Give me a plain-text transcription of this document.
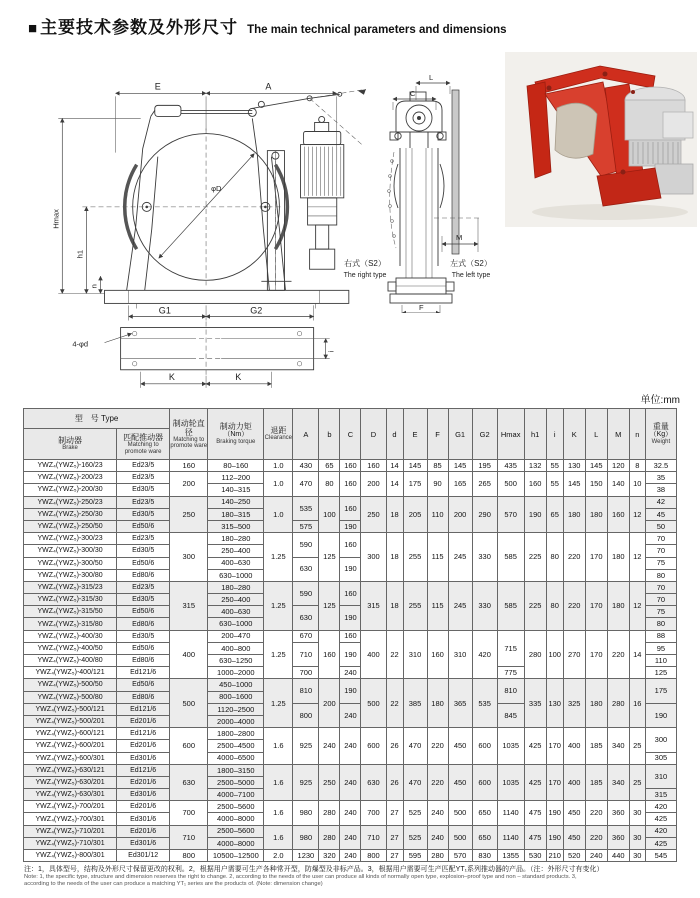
■ 主要技术参数及外形尺寸 The main technical parameters and dimensions
E	A
Hmax
h1
n
φD
G1	G2
4-φd
i
K	K
L
C
M
F
右式（S2）
The right type
左式（S2）
The left type
单位:mm
型　号 Type	制动轮直径
Matching to promote ware

制动力矩
（Nm）
Braking torque

退距
Clearance	A	b	C	D	d	E	F	G1	G2	Hmax	h1	i	K	L	M	n	
重量
（Kg）
Weight

制动器
Brake

匹配推动器
Matching to promote ware

YWZ₄(YWZ₅)-160/23	Ed23/5	160	80–160	1.0	430	65	160	160	14	145	85	145	195	435	132	55	130	145	120	8	32.5
YWZ₄(YWZ₅)-200/23	Ed23/5	200	112–200	1.0	470	80	160	200	14	175	90	165	265	500	160	55	145	150	140	10	35
YWZ₄(YWZ₅)-200/30	Ed30/5		140–315																		38
YWZ₄(YWZ₅)-250/23	Ed23/5	250	140–250	1.0	535	100	160	250	18	205	110	200	290	570	190	65	180	180	160	12	42
YWZ₄(YWZ₅)-250/30	Ed30/5		180–315																		45
YWZ₄(YWZ₅)-250/50	Ed50/6		315–500		575		190														50
YWZ₄(YWZ₅)-300/23	Ed23/5	300	180–280	1.25	590	125	160	300	18	255	115	245	330	585	225	80	220	170	180	12	70
YWZ₄(YWZ₅)-300/30	Ed30/5		250–400																		70
YWZ₄(YWZ₅)-300/50	Ed50/6		400–630		630		190														75
YWZ₄(YWZ₅)-300/80	Ed80/6		630–1000																		80
YWZ₄(YWZ₅)-315/23	Ed23/5	315	180–280	1.25	590	125	160	315	18	255	115	245	330	585	225	80	220	170	180	12	70
YWZ₄(YWZ₅)-315/30	Ed30/5		250–400																		70
YWZ₄(YWZ₅)-315/50	Ed50/6		400–630		630		190														75
YWZ₄(YWZ₅)-315/80	Ed80/6		630–1000																		80
YWZ₄(YWZ₅)-400/30	Ed30/5	400	200–470	1.25	670	160	160	400	22	310	160	310	420	715	280	100	270	170	220	14	88
YWZ₄(YWZ₅)-400/50	Ed50/6		400–800		710		190														95
YWZ₄(YWZ₅)-400/80	Ed80/6		630–1250																		110
YWZ₄(YWZ₅)-400/121	Ed121/6		1000–2000		700		240							775							125
YWZ₄(YWZ₅)-500/50	Ed50/6	500	450–1000	1.25	810	200	190	500	22	385	180	365	535	810	335	130	325	180	280	16	175
YWZ₄(YWZ₅)-500/80	Ed80/6		800–1600																		
YWZ₄(YWZ₅)-500/121	Ed121/6		1120–2500		800		240							845							190
YWZ₄(YWZ₅)-500/201	Ed201/6		2000–4000																		
YWZ₄(YWZ₅)-600/121	Ed121/6	600	1800–2800	1.6	925	240	240	600	26	470	220	450	600	1035	425	170	400	185	340	25	300
YWZ₄(YWZ₅)-600/201	Ed201/6		2500–4500																		
YWZ₄(YWZ₅)-600/301	Ed301/6		4000–6500																		305
YWZ₄(YWZ₅)-630/121	Ed121/6	630	1800–3150	1.6	925	250	240	630	26	470	220	450	600	1035	425	170	400	185	340	25	310
YWZ₄(YWZ₅)-630/201	Ed201/6		2500–5000																		
YWZ₄(YWZ₅)-630/301	Ed301/6		4000–7100																		315
YWZ₄(YWZ₅)-700/201	Ed201/6	700	2500–5600	1.6	980	280	240	700	27	525	240	500	650	1140	475	190	450	220	360	30	420
YWZ₄(YWZ₅)-700/301	Ed301/6		4000–8000																		425
YWZ₄(YWZ₅)-710/201	Ed201/6	710	2500–5600	1.6	980	280	240	710	27	525	240	500	650	1140	475	190	450	220	360	30	420
YWZ₄(YWZ₅)-710/301	Ed301/6		4000–8000																		425
YWZ₄(YWZ₅)-800/301	Ed301/12	800	10500–12500	2.0	1230	320	240	800	27	595	280	570	830	1355	530	210	520	240	440	30	545
注：1，具体型号，结构及外形尺寸保留更改的权利。2，根据用户需要可生产各种常开型，防爆型及非标产品。3，根据用户需要可生产匹配YT₁系列推动器的产品。（注：外形尺寸有变化）
Note: 1, the specific type, structure and dimension reserves the right to change. 2, according to the needs of the user can produce all kinds of normally open type, explosion–proof type and non – standard products. 3,
according to the needs of the user can produce a matching YT₁ series are the products of. (Note: dimension change)
